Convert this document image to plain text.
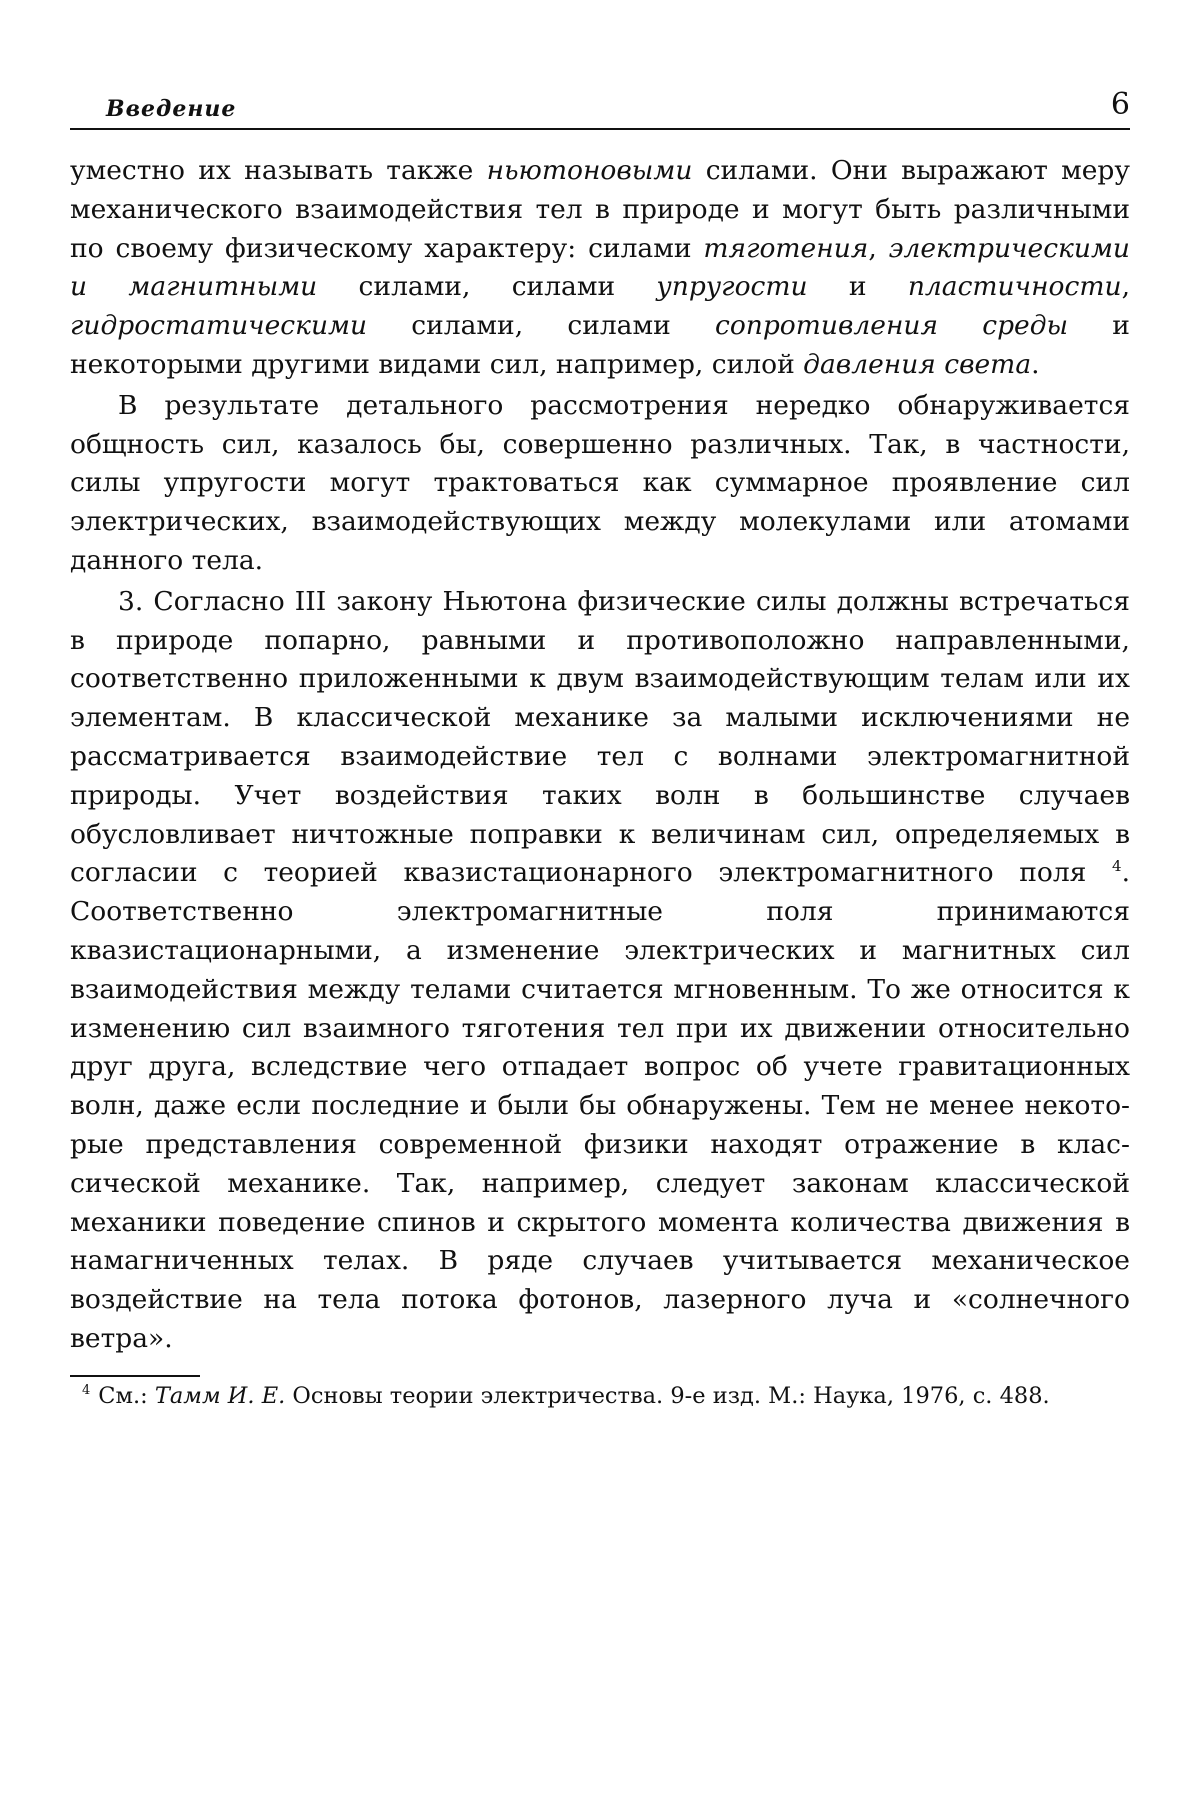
Введение	6

уместно их называть также ньютоновыми силами. Они выражают меру механического взаимодействия тел в природе и могут быть различными по своему физическому характеру: силами тяготения, электрическими и магнитными силами, силами упругости и пластичности, гидростатическими силами, силами сопротивления среды и некоторыми другими видами сил, например, силой давления света.

В результате детального рассмотрения нередко обнаруживается общность сил, казалось бы, совершенно различных. Так, в частности, силы упругости могут трактоваться как суммарное проявление сил электрических, взаимодействующих между молекулами или атомами данного тела.

3. Согласно III закону Ньютона физические силы должны встречаться в природе попарно, равными и противоположно направленными, соответственно приложенными к двум взаимодействующим телам или их элементам. В классической механике за малыми исключениями не рассматривается взаимодействие тел с волнами электромагнитной природы. Учет воздействия таких волн в большинстве случаев обусловливает ничтожные поправки к величинам сил, определяемых в согласии с теорией квазистационарного электромагнитного поля $^4$. Соответственно электромагнитные поля принимаются квазистационарными, а изменение электрических и магнитных сил взаимодействия между телами считается мгновенным. То же относится к изменению сил взаимного тяготения тел при их движении относительно друг друга, вследствие чего отпадает вопрос об учете гравитационных волн, даже если последние и были бы обнаружены. Тем не менее некоторые представления современной физики находят отражение в классической механике. Так, например, следует законам классической механики поведение спинов и скрытого момента количества движения в намагниченных телах. В ряде случаев учитывается механическое воздействие на тела потока фотонов, лазерного луча и «солнечного ветра».

$^4$ См.: Тамм И. Е. Основы теории электричества. 9-е изд. М.: Наука, 1976, с. 488.
